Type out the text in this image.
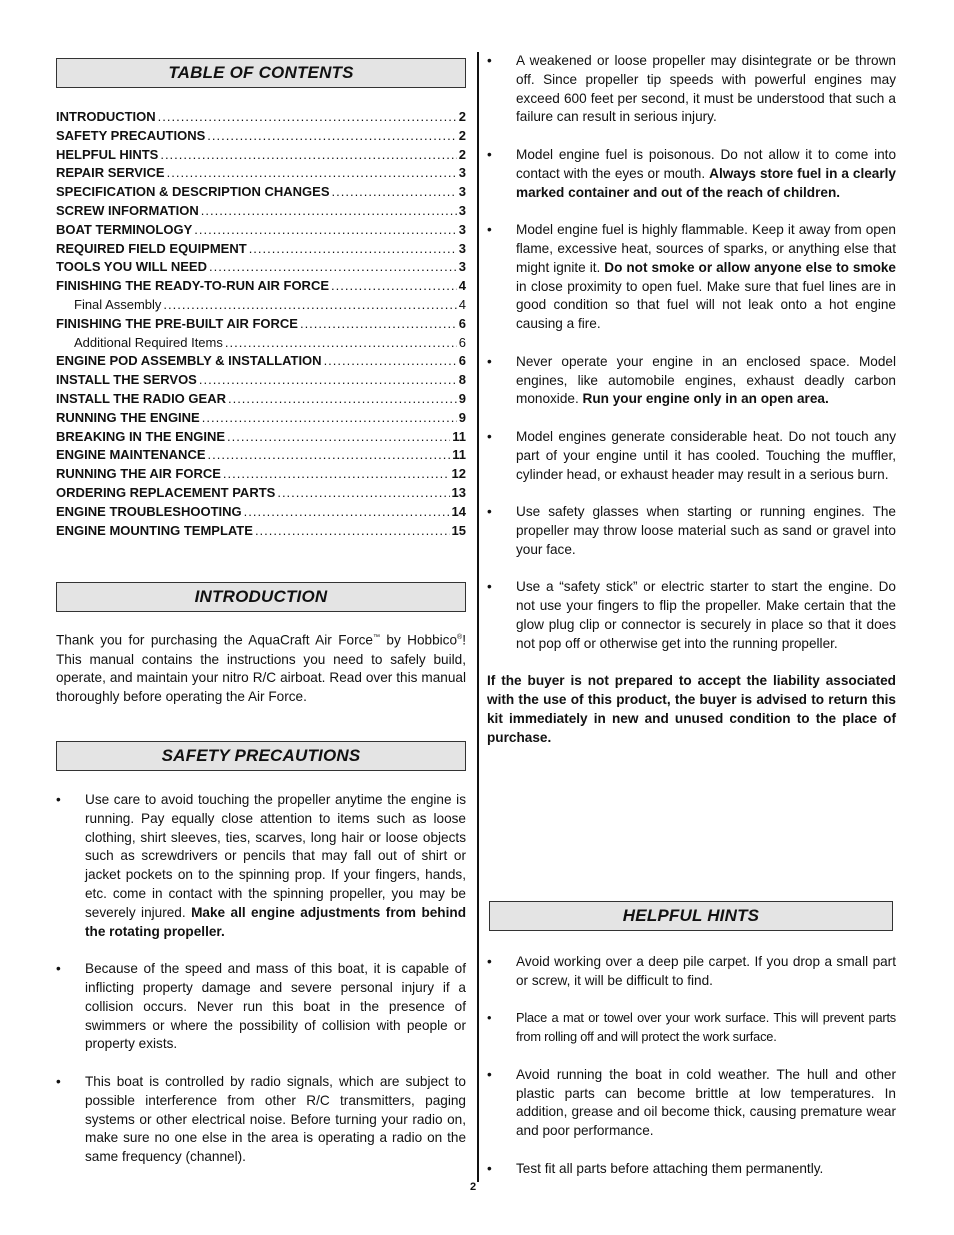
TABLE OF CONTENTS
INTRODUCTION .....	2
SAFETY PRECAUTIONS .....	2
HELPFUL HINTS .....	2
REPAIR SERVICE .....	3
SPECIFICATION & DESCRIPTION CHANGES .....	3
SCREW INFORMATION .....	3
BOAT TERMINOLOGY .....	3
REQUIRED FIELD EQUIPMENT .....	3
TOOLS YOU WILL NEED .....	3
FINISHING THE READY-TO-RUN AIR FORCE .....	4
Final Assembly .....	4
FINISHING THE PRE-BUILT AIR FORCE .....	6
Additional Required Items .....	6
ENGINE POD ASSEMBLY & INSTALLATION .....	6
INSTALL THE SERVOS .....	8
INSTALL THE RADIO GEAR .....	9
RUNNING THE ENGINE .....	9
BREAKING IN THE ENGINE .....	11
ENGINE MAINTENANCE .....	11
RUNNING THE AIR FORCE .....	12
ORDERING REPLACEMENT PARTS .....	13
ENGINE TROUBLESHOOTING .....	14
ENGINE MOUNTING TEMPLATE .....	15
INTRODUCTION

Thank you for purchasing the AquaCraft Air Force™ by Hobbico®! This manual contains the instructions you need to safely build, operate, and maintain your nitro R/C airboat. Read over this manual thoroughly before operating the Air Force.

SAFETY PRECAUTIONS
• Use care to avoid touching the propeller anytime the engine is running. Pay equally close attention to items such as loose clothing, shirt sleeves, ties, scarves, long hair or loose objects such as screwdrivers or pencils that may fall out of shirt or jacket pockets on to the spinning prop. If your fingers, hands, etc. come in contact with the spinning propeller, you may be severely injured. Make all engine adjustments from behind the rotating propeller.
• Because of the speed and mass of this boat, it is capable of inflicting property damage and severe personal injury if a collision occurs. Never run this boat in the presence of swimmers or where the possibility of collision with people or property exists.
• This boat is controlled by radio signals, which are subject to possible interference from other R/C transmitters, paging systems or other electrical noise. Before turning your radio on, make sure no one else in the area is operating a radio on the same frequency (channel).
• A weakened or loose propeller may disintegrate or be thrown off. Since propeller tip speeds with powerful engines may exceed 600 feet per second, it must be understood that such a failure can result in serious injury.
• Model engine fuel is poisonous. Do not allow it to come into contact with the eyes or mouth. Always store fuel in a clearly marked container and out of the reach of children.
• Model engine fuel is highly flammable. Keep it away from open flame, excessive heat, sources of sparks, or anything else that might ignite it. Do not smoke or allow anyone else to smoke in close proximity to open fuel. Make sure that fuel lines are in good condition so that fuel will not leak onto a hot engine causing a fire.
• Never operate your engine in an enclosed space. Model engines, like automobile engines, exhaust deadly carbon monoxide. Run your engine only in an open area.
• Model engines generate considerable heat. Do not touch any part of your engine until it has cooled. Touching the muffler, cylinder head, or exhaust header may result in a serious burn.
• Use safety glasses when starting or running engines. The propeller may throw loose material such as sand or gravel into your face.
• Use a “safety stick” or electric starter to start the engine. Do not use your fingers to flip the propeller. Make certain that the glow plug clip or connector is securely in place so that it does not pop off or otherwise get into the running propeller.

If the buyer is not prepared to accept the liability associated with the use of this product, the buyer is advised to return this kit immediately in new and unused condition to the place of purchase.

HELPFUL HINTS
• Avoid working over a deep pile carpet. If you drop a small part or screw, it will be difficult to find.
• Place a mat or towel over your work surface. This will prevent parts from rolling off and will protect the work surface.
• Avoid running the boat in cold weather. The hull and other plastic parts can become brittle at low temperatures. In addition, grease and oil become thick, causing premature wear and poor performance.
• Test fit all parts before attaching them permanently.
2
